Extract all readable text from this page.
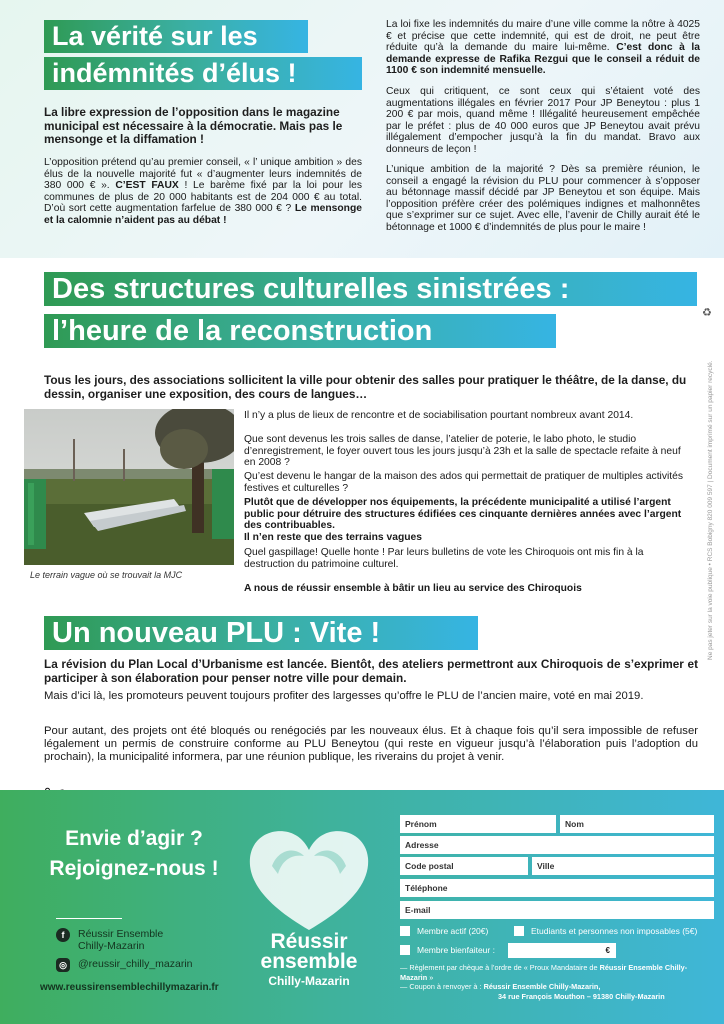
La vérité sur les
indémnités d’élus !
La libre expression de l’opposition dans le magazine municipal est nécessaire à la démocratie. Mais pas le mensonge et la diffamation !
L’opposition prétend qu’au premier conseil, « l’ unique ambition » des élus de la nouvelle majorité fut « d’augmenter leurs indemnités de 380 000 € ». C’EST FAUX ! Le barème fixé par la loi pour les communes de plus de 20 000 habitants est de 204 000 € au total. D’où sort cette augmentation farfelue de 380 000 € ? Le mensonge et la calomnie n’aident pas au débat !
La loi fixe les indemnités du maire d’une ville comme la nôtre à 4025 € et précise que cette indemnité, qui est de droit, ne peut être réduite qu’à la demande du maire lui-même. C’est donc à la demande expresse de Rafika Rezgui que le conseil a réduit de 1100 € son indemnité mensuelle.
Ceux qui critiquent, ce sont ceux qui s’étaient voté des augmentations illégales en février 2017 Pour JP Beneytou : plus 1 200 € par mois, quand même ! Illégalité heureusement empêchée par le préfet : plus de 40 000 euros que JP Beneytou avait prévu illégalement d’empocher jusqu’à la fin du mandat. Bravo aux donneurs de leçon !
L’unique ambition de la majorité ? Dès sa première réunion, le conseil a engagé la révision du PLU pour commencer à s’opposer au bétonnage massif décidé par JP Beneytou et son équipe. Mais l’opposition préfère créer des polémiques indignes et malhonnêtes que s’exprimer sur ce sujet. Avec elle, l’avenir de Chilly aurait été le bétonnage et 1000 € d’indemnités de plus pour le maire !
Des structures culturelles sinistrées :
l’heure de la reconstruction
Tous les jours, des associations sollicitent la ville pour obtenir des salles pour pratiquer le théâtre, de la danse, du dessin, organiser une exposition, des cours de langues…
Le terrain vague où se trouvait la MJC
Il n’y a plus de lieux de rencontre et de sociabilisation pourtant nombreux avant 2014.
Que sont devenus les trois salles de danse, l’atelier de poterie, le labo photo, le studio d’enregistrement, le foyer ouvert tous les jours jusqu’à 23h et la salle de spectacle refaite à neuf en 2008 ?
Qu’est devenu le hangar de la maison des ados qui permettait de pratiquer de multiples activités festives et culturelles ?
Plutôt que de développer nos équipements, la précédente municipalité a utilisé l’argent public pour détruire des structures édifiées ces cinquante dernières années avec l’argent des contribuables.
Il n’en reste que des terrains vagues
Quel gaspillage! Quelle honte ! Par leurs bulletins de vote les Chiroquois ont mis fin à la destruction du patrimoine culturel.
A nous de réussir ensemble à bâtir un lieu au service des Chiroquois	Ne pas jeter sur la voie publique • RCS Bobigny 820 009 597 | Document imprimé sur un papier recyclé.
♻
Un nouveau PLU : Vite !
La révision du Plan Local d’Urbanisme est lancée. Bientôt, des ateliers permettront aux Chiroquois de s’exprimer et participer à son élaboration pour penser notre ville pour demain.
Mais d’ici là, les promoteurs peuvent toujours profiter des largesses qu’offre le PLU de l’ancien maire, voté en mai 2019.
Pour autant, des projets ont été bloqués ou renégociés par les nouveaux élus. Et à chaque fois qu’il sera impossible de refuser légalement un permis de construire conforme au PLU Beneytou (qui reste en vigueur jusqu’à l’élaboration puis l’adoption du prochain), la municipalité informera, par une réunion publique, les riverains du projet à venir.
Envie d’agir ?
Rejoignez-nous !
f	Réussir Ensemble
Chilly-Mazarin
◎ @reussir_chilly_mazarin
www.reussirensemblechillymazarin.fr
Réussir
ensemble
Chilly-Mazarin
Prénom	Nom
Adresse
Code postal	Ville
Téléphone
E-mail
Membre actif (20€)	Etudiants et personnes non imposables (5€)
Membre bienfaiteur :	€
— Règlement par chèque à l’ordre de « Proux Mandataire de Réussir Ensemble Chilly-Mazarin »
— Coupon à renvoyer à : Réussir Ensemble Chilly-Mazarin,
34 rue François Mouthon – 91380 Chilly-Mazarin
